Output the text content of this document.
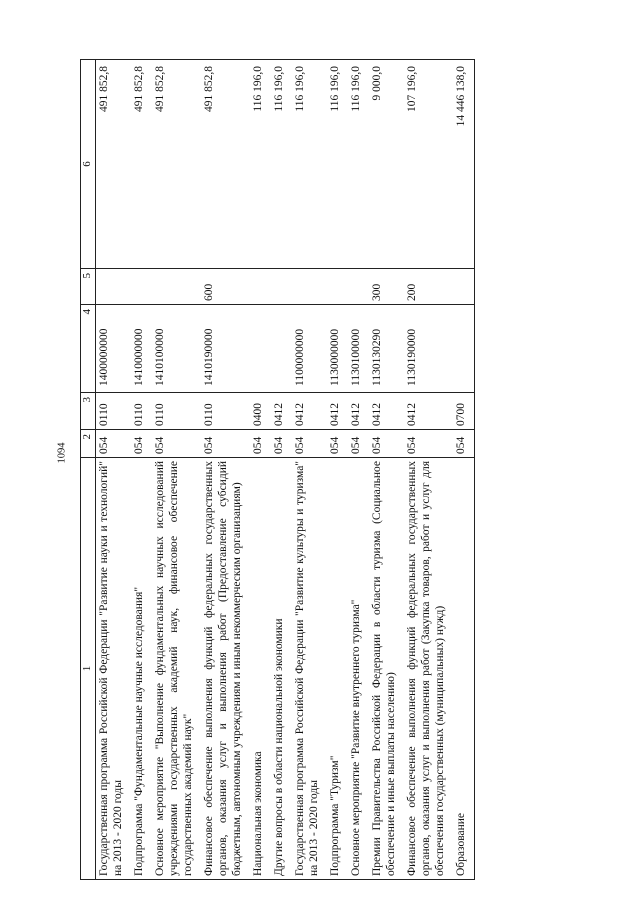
1094
1	2	3	4	5	6
Государственная программа Российской Федерации "Развитие науки и технологий" на 2013 - 2020 годы	054	0110	1400000000		491 852,8
Подпрограмма "Фундаментальные научные исследования"	054	0110	1410000000		491 852,8
Основное мероприятие "Выполнение фундаментальных научных исследований учреждениями государственных академий наук, финансовое обеспечение государственных академий наук"	054	0110	1410100000		491 852,8
Финансовое обеспечение выполнения функций федеральных государственных органов, оказания услуг и выполнения работ (Предоставление субсидий бюджетным, автономным учреждениям и иным некоммерческим организациям)	054	0110	1410190000	600	491 852,8
Национальная экономика	054	0400			116 196,0
Другие вопросы в области национальной экономики	054	0412			116 196,0
Государственная программа Российской Федерации "Развитие культуры и туризма" на 2013 - 2020 годы	054	0412	1100000000		116 196,0
Подпрограмма "Туризм"	054	0412	1130000000		116 196,0
Основное мероприятие "Развитие внутреннего туризма"	054	0412	1130100000		116 196,0
Премии Правительства Российской Федерации в области туризма (Социальное обеспечение и иные выплаты населению)	054	0412	1130130290	300	9 000,0
Финансовое обеспечение выполнения функций федеральных государственных органов, оказания услуг и выполнения работ (Закупка товаров, работ и услуг для обеспечения государственных (муниципальных) нужд)	054	0412	1130190000	200	107 196,0
Образование	054	0700			14 446 138,0
